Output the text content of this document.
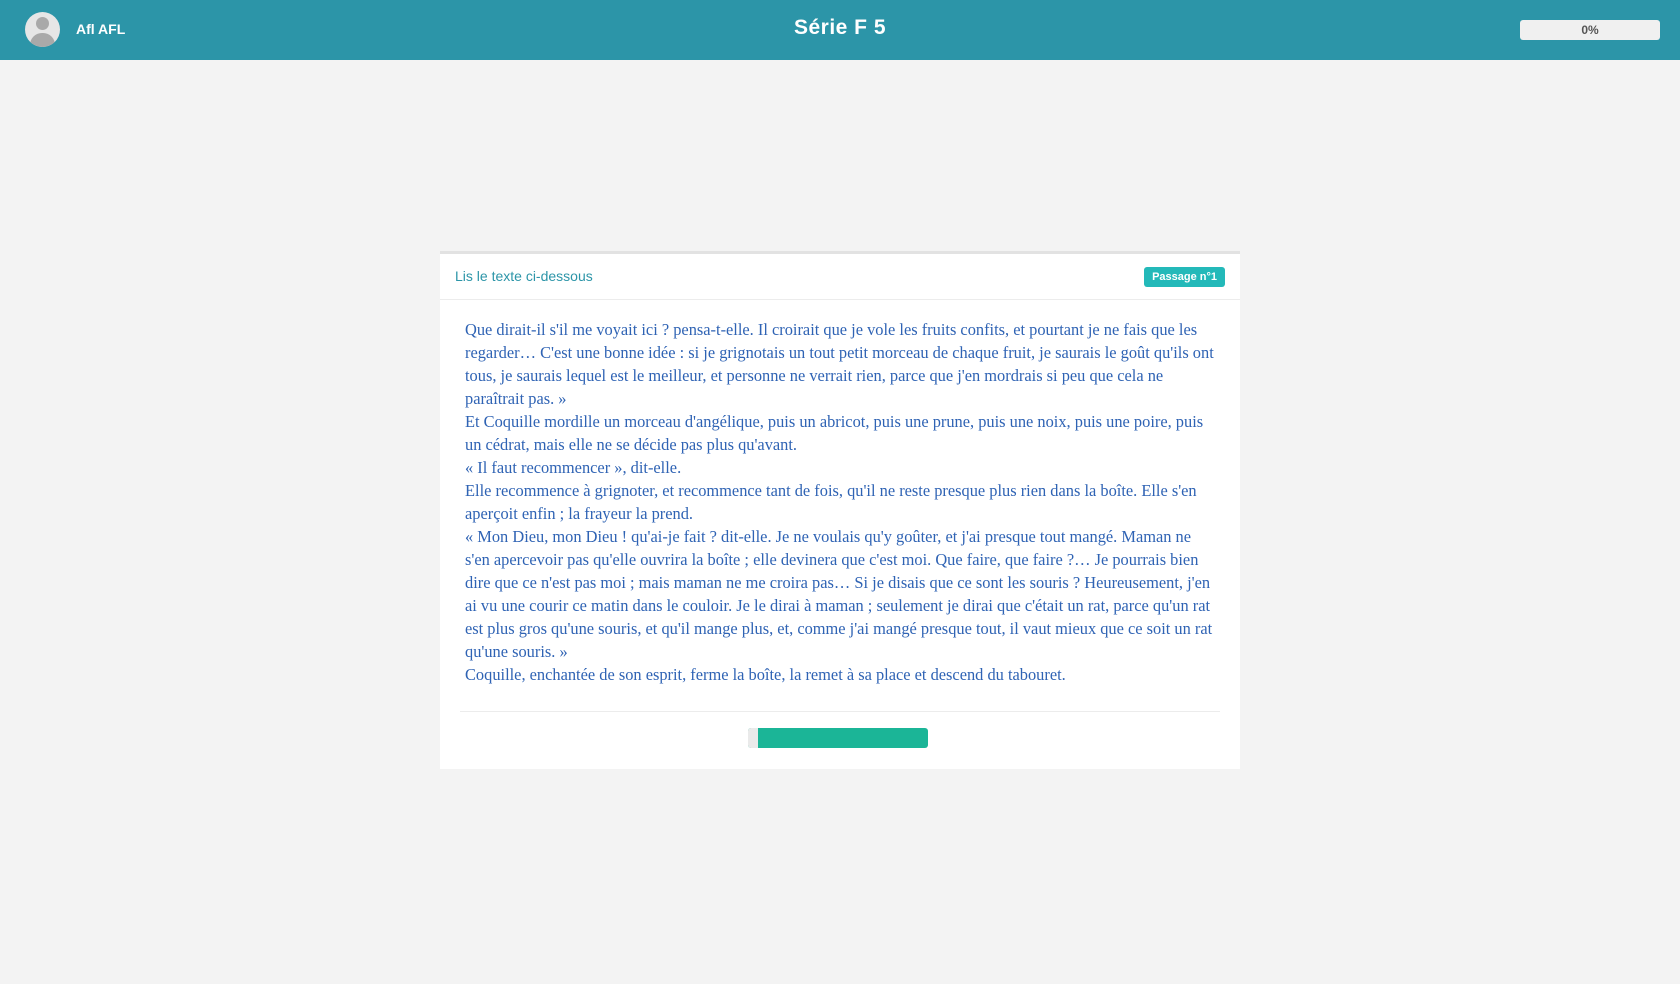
Afl AFL	Série F 5	0%
Lis le texte ci-dessous	Passage n°1

Que dirait-il s'il me voyait ici ? pensa-t-elle. Il croirait que je vole les fruits confits, et pourtant je ne fais que les regarder… C'est une bonne idée : si je grignotais un tout petit morceau de chaque fruit, je saurais le goût qu'ils ont tous, je saurais lequel est le meilleur, et personne ne verrait rien, parce que j'en mordrais si peu que cela ne paraîtrait pas. »

Et Coquille mordille un morceau d'angélique, puis un abricot, puis une prune, puis une noix, puis une poire, puis un cédrat, mais elle ne se décide pas plus qu'avant.

« Il faut recommencer », dit-elle.

Elle recommence à grignoter, et recommence tant de fois, qu'il ne reste presque plus rien dans la boîte. Elle s'en aperçoit enfin ; la frayeur la prend.

« Mon Dieu, mon Dieu ! qu'ai-je fait ? dit-elle. Je ne voulais qu'y goûter, et j'ai presque tout mangé. Maman ne s'en apercevoir pas qu'elle ouvrira la boîte ; elle devinera que c'est moi. Que faire, que faire ?… Je pourrais bien dire que ce n'est pas moi ; mais maman ne me croira pas… Si je disais que ce sont les souris ? Heureusement, j'en ai vu une courir ce matin dans le couloir. Je le dirai à maman ; seulement je dirai que c'était un rat, parce qu'un rat est plus gros qu'une souris, et qu'il mange plus, et, comme j'ai mangé presque tout, il vaut mieux que ce soit un rat qu'une souris. »

Coquille, enchantée de son esprit, ferme la boîte, la remet à sa place et descend du tabouret.
